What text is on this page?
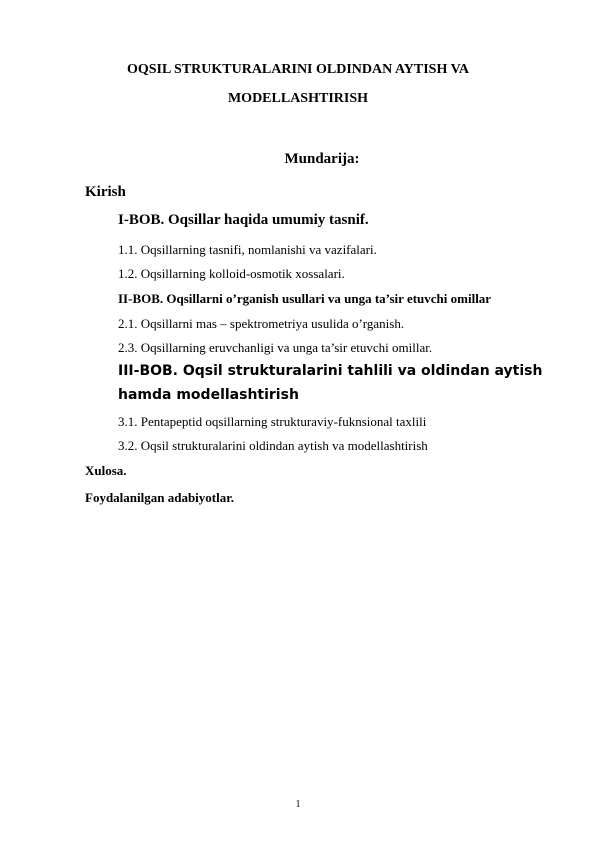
OQSIL STRUKTURALARINI OLDINDAN AYTISH VA
MODELLASHTIRISH
Mundarija:
Kirish
I-BOB. Oqsillar haqida umumiy tasnif.
1.1. Oqsillarning tasnifi, nomlanishi va vazifalari.
1.2. Oqsillarning kolloid-osmotik xossalari.
II-BOB. Oqsillarni o’rganish usullari va unga ta’sir etuvchi omillar
2.1. Oqsillarni mas – spektrometriya usulida o’rganish.
2.3. Oqsillarning eruvchanligi va unga ta’sir etuvchi omillar.
III-BOB. Oqsil strukturalarini tahlili va oldindan aytish
hamda modellashtirish
3.1. Pentapeptid oqsillarning strukturaviy-fuknsional taxlili
3.2. Oqsil strukturalarini oldindan aytish va modellashtirish
Xulosa.
Foydalanilgan adabiyotlar.
1
